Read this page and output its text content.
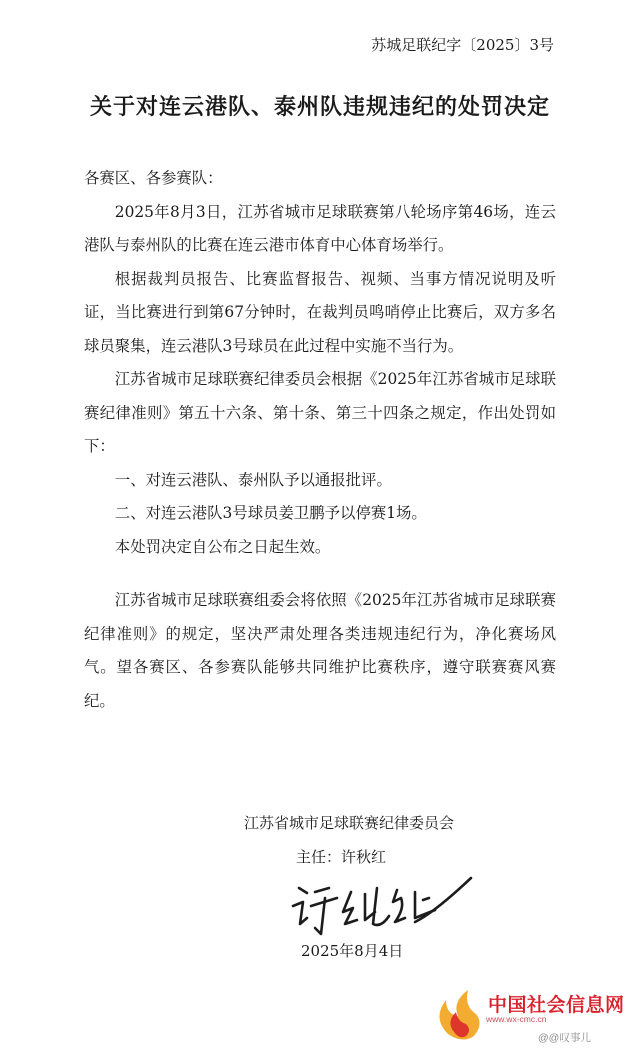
苏城足联纪字〔2025〕3号
关于对连云港队、泰州队违规违纪的处罚决定

各赛区、各参赛队：

2025年8月3日，江苏省城市足球联赛第八轮场序第46场，连云港队与泰州队的比赛在连云港市体育中心体育场举行。

根据裁判员报告、比赛监督报告、视频、当事方情况说明及听证，当比赛进行到第67分钟时，在裁判员鸣哨停止比赛后，双方多名球员聚集，连云港队3号球员在此过程中实施不当行为。

江苏省城市足球联赛纪律委员会根据《2025年江苏省城市足球联赛纪律准则》第五十六条、第十条、第三十四条之规定，作出处罚如下：

一、对连云港队、泰州队予以通报批评。

二、对连云港队3号球员姜卫鹏予以停赛1场。

本处罚决定自公布之日起生效。

江苏省城市足球联赛组委会将依照《2025年江苏省城市足球联赛纪律准则》的规定，坚决严肃处理各类违规违纪行为，净化赛场风气。望各赛区、各参赛队能够共同维护比赛秩序，遵守联赛赛风赛纪。

江苏省城市足球联赛纪律委员会
主任：许秋红
2025年8月4日
中国社会信息网
www.wx-cmc.cn
@@叹事儿
